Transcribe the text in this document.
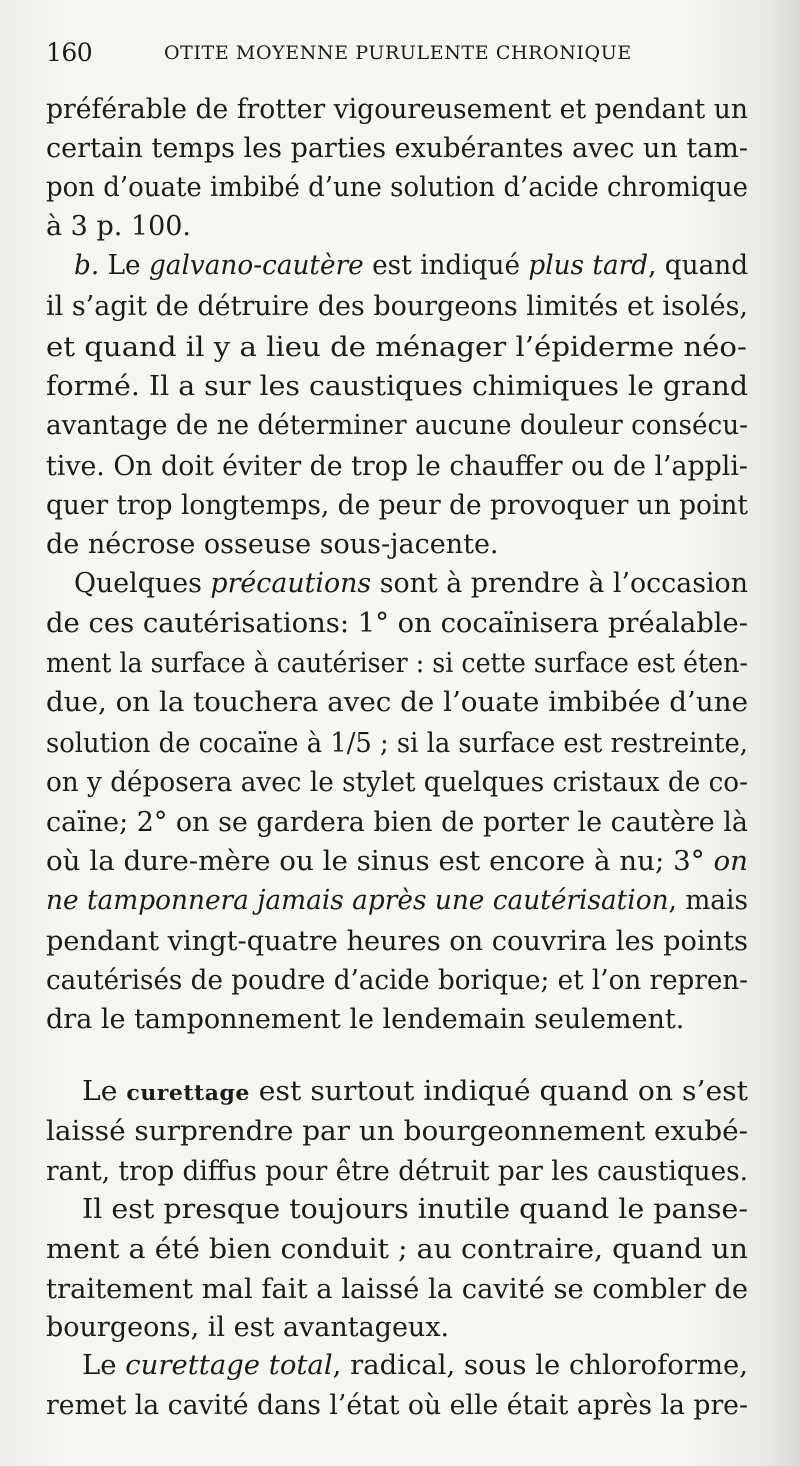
160	OTITE MOYENNE PURULENTE CHRONIQUE
préférable de frotter vigoureusement et pendant un
certain temps les parties exubérantes avec un tam-
pon d’ouate imbibé d’une solution d’acide chromique
à 3 p. 100.
b. Le galvano-cautère est indiqué plus tard, quand
il s’agit de détruire des bourgeons limités et isolés,
et quand il y a lieu de ménager l’épiderme néo-
formé. Il a sur les caustiques chimiques le grand
avantage de ne déterminer aucune douleur consécu-
tive. On doit éviter de trop le chauffer ou de l’appli-
quer trop longtemps, de peur de provoquer un point
de nécrose osseuse sous-jacente.
Quelques précautions sont à prendre à l’occasion
de ces cautérisations: 1° on cocaïnisera préalable-
ment la surface à cautériser : si cette surface est éten-
due, on la touchera avec de l’ouate imbibée d’une
solution de cocaïne à 1/5 ; si la surface est restreinte,
on y déposera avec le stylet quelques cristaux de co-
caïne; 2° on se gardera bien de porter le cautère là
où la dure-mère ou le sinus est encore à nu; 3° on
ne tamponnera jamais après une cautérisation, mais
pendant vingt-quatre heures on couvrira les points
cautérisés de poudre d’acide borique; et l’on repren-
dra le tamponnement le lendemain seulement.
Le curettage est surtout indiqué quand on s’est
laissé surprendre par un bourgeonnement exubé-
rant, trop diffus pour être détruit par les caustiques.
Il est presque toujours inutile quand le panse-
ment a été bien conduit ; au contraire, quand un
traitement mal fait a laissé la cavité se combler de
bourgeons, il est avantageux.
Le curettage total, radical, sous le chloroforme,
remet la cavité dans l’état où elle était après la pre-
